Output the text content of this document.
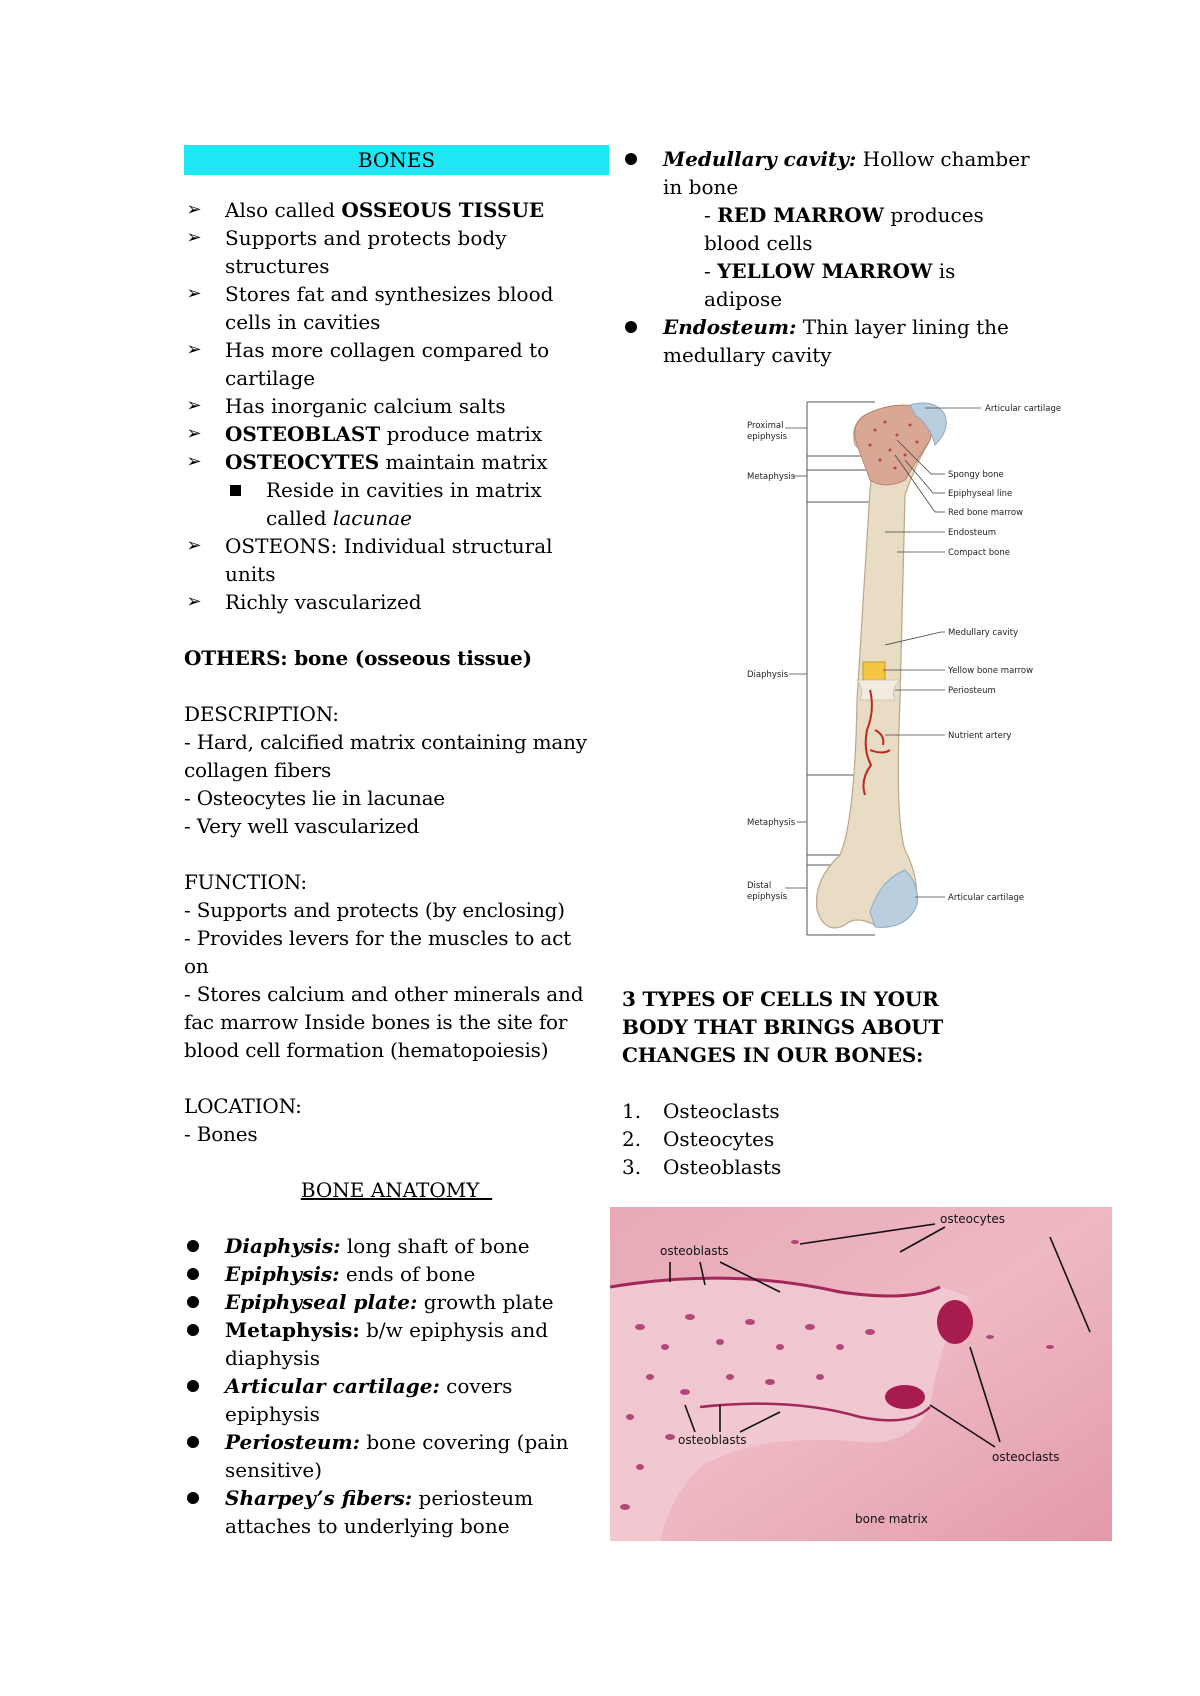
BONES
➢ Also called OSSEOUS TISSUE
➢ Supports and protects body
structures
➢ Stores fat and synthesizes blood
cells in cavities
➢ Has more collagen compared to
cartilage
➢ Has inorganic calcium salts
➢ OSTEOBLAST produce matrix
➢ OSTEOCYTES maintain matrix
Reside in cavities in matrix
called lacunae
➢ OSTEONS: Individual structural
units
➢ Richly vascularized
OTHERS: bone (osseous tissue)
DESCRIPTION:
- Hard, calcified matrix containing many
collagen fibers
- Osteocytes lie in lacunae
- Very well vascularized
FUNCTION:
- Supports and protects (by enclosing)
- Provides levers for the muscles to act
on
- Stores calcium and other minerals and
fac marrow Inside bones is the site for
blood cell formation (hematopoiesis)
LOCATION:
- Bones
BONE ANATOMY
Diaphysis: long shaft of bone
Epiphysis: ends of bone
Epiphyseal plate: growth plate
Metaphysis: b/w epiphysis and
diaphysis
Articular cartilage: covers
epiphysis
Periosteum: bone covering (pain
sensitive)
Sharpey’s fibers: periosteum
attaches to underlying bone
Medullary cavity: Hollow chamber
in bone
- RED MARROW produces
blood cells
- YELLOW MARROW is
adipose
Endosteum: Thin layer lining the
medullary cavity
Articular cartilage
Spongy bone
Epiphyseal line
Red bone marrow
Endosteum
Compact bone
Medullary cavity
Yellow bone marrow
Periosteum
Nutrient artery
Articular cartilage
Proximal
epiphysis
Metaphysis
Diaphysis
Metaphysis
Distal
epiphysis
3 TYPES OF CELLS IN YOUR
BODY THAT BRINGS ABOUT
CHANGES IN OUR BONES:
1. Osteoclasts
2. Osteocytes
3. Osteoblasts
osteocytes
osteoblasts
osteoblasts
osteoclasts
bone matrix
